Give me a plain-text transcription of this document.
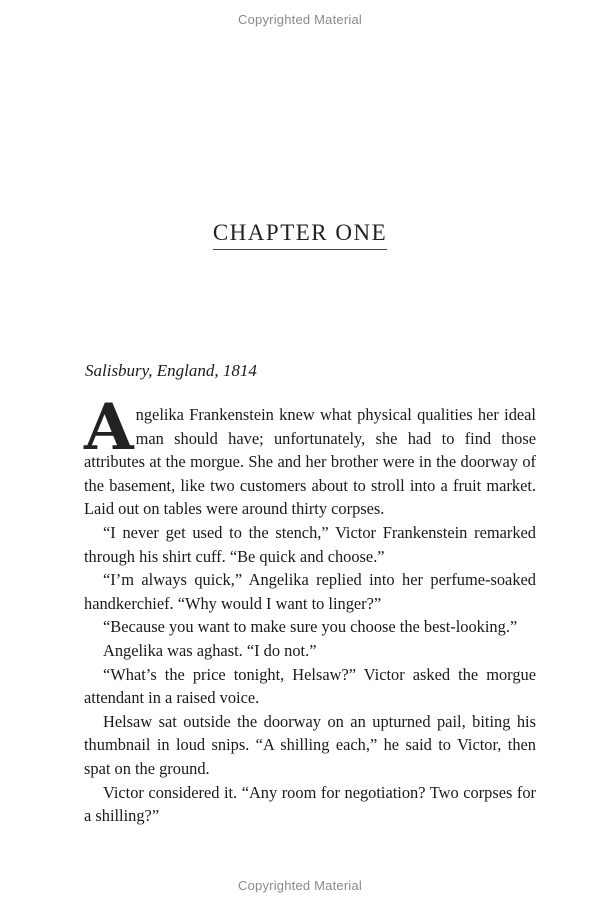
Copyrighted Material
CHAPTER ONE
Salisbury, England, 1814

Angelika Frankenstein knew what physical qualities her ideal man should have; unfortunately, she had to find those attributes at the morgue. She and her brother were in the doorway of the basement, like two customers about to stroll into a fruit market. Laid out on tables were around thirty corpses.

“I never get used to the stench,” Victor Frankenstein remarked through his shirt cuff. “Be quick and choose.”

“I’m always quick,” Angelika replied into her perfume-soaked handkerchief. “Why would I want to linger?”

“Because you want to make sure you choose the best-looking.”

Angelika was aghast. “I do not.”

“What’s the price tonight, Helsaw?” Victor asked the morgue attendant in a raised voice.

Helsaw sat outside the doorway on an upturned pail, biting his thumbnail in loud snips. “A shilling each,” he said to Victor, then spat on the ground.

Victor considered it. “Any room for negotiation? Two corpses for a shilling?”

Copyrighted Material
